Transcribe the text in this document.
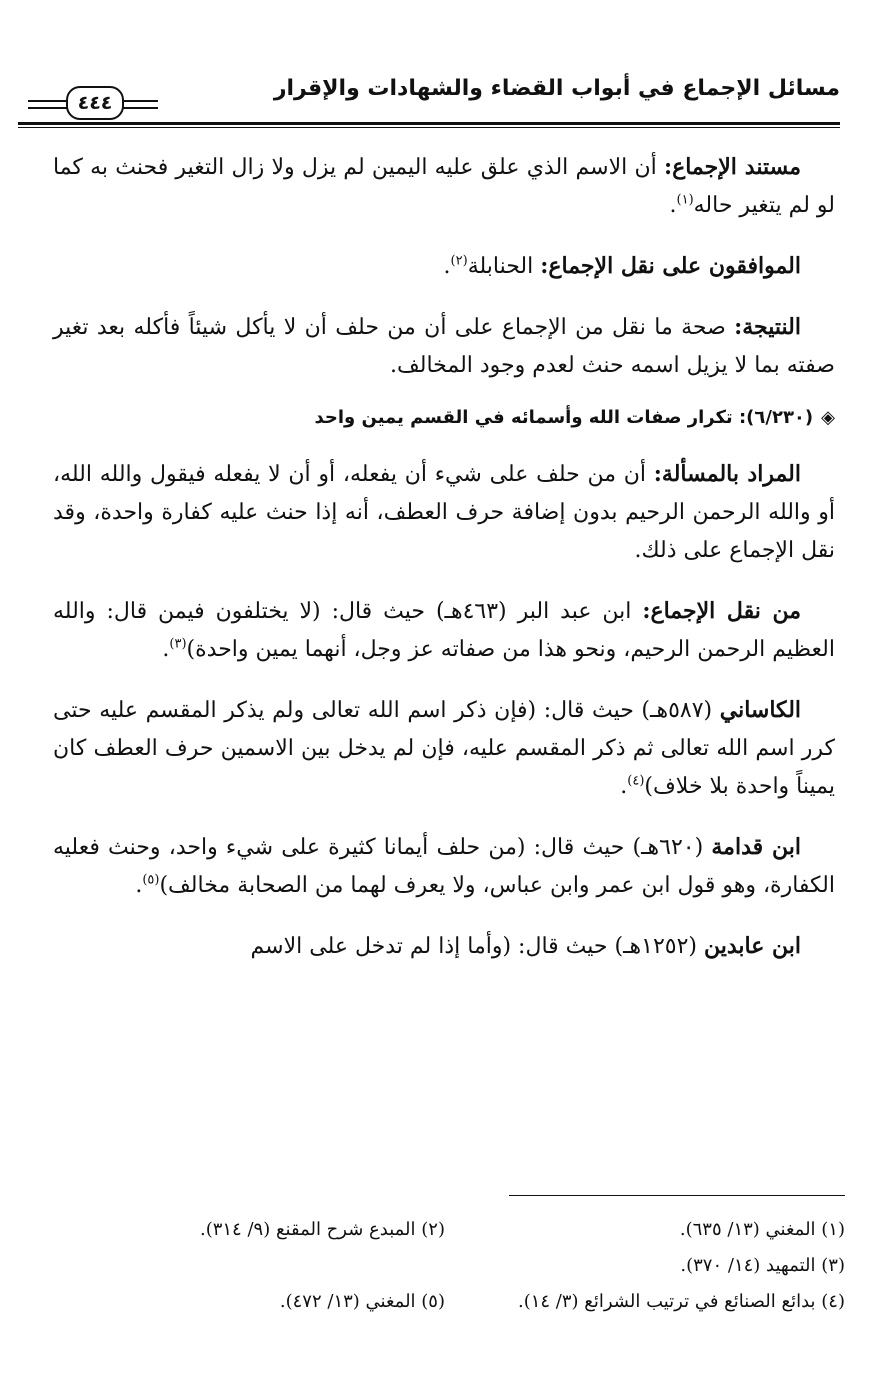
مسائل الإجماع في أبواب القضاء والشهادات والإقرار
٤٤٤

مستند الإجماع: أن الاسم الذي علق عليه اليمين لم يزل ولا زال التغير فحنث به كما لو لم يتغير حاله$^{(١)}$.

الموافقون على نقل الإجماع: الحنابلة$^{(٢)}$.

النتيجة: صحة ما نقل من الإجماع على أن من حلف أن لا يأكل شيئاً فأكله بعد تغير صفته بما لا يزيل اسمه حنث لعدم وجود المخالف.

◈(٦/٢٣٠): تكرار صفات الله وأسمائه في القسم يمين واحد

المراد بالمسألة: أن من حلف على شيء أن يفعله، أو أن لا يفعله فيقول والله الله، أو والله الرحمن الرحيم بدون إضافة حرف العطف، أنه إذا حنث عليه كفارة واحدة، وقد نقل الإجماع على ذلك.

من نقل الإجماع: ابن عبد البر (٤٦٣هـ) حيث قال: (لا يختلفون فيمن قال: والله العظيم الرحمن الرحيم، ونحو هذا من صفاته عز وجل، أنهما يمين واحدة)$^{(٣)}$.

الكاساني (٥٨٧هـ) حيث قال: (فإن ذكر اسم الله تعالى ولم يذكر المقسم عليه حتى كرر اسم الله تعالى ثم ذكر المقسم عليه، فإن لم يدخل بين الاسمين حرف العطف كان يميناً واحدة بلا خلاف)$^{(٤)}$.

ابن قدامة (٦٢٠هـ) حيث قال: (من حلف أيمانا كثيرة على شيء واحد، وحنث فعليه الكفارة، وهو قول ابن عمر وابن عباس، ولا يعرف لهما من الصحابة مخالف)$^{(٥)}$.

ابن عابدين (١٢٥٢هـ) حيث قال: (وأما إذا لم تدخل على الاسم

(١) المغني (١٣/ ٦٣٥).
(٢) المبدع شرح المقنع (٩/ ٣١٤).
(٣) التمهيد (١٤/ ٣٧٠).
(٤) بدائع الصنائع في ترتيب الشرائع (٣/ ١٤).
(٥) المغني (١٣/ ٤٧٢).
